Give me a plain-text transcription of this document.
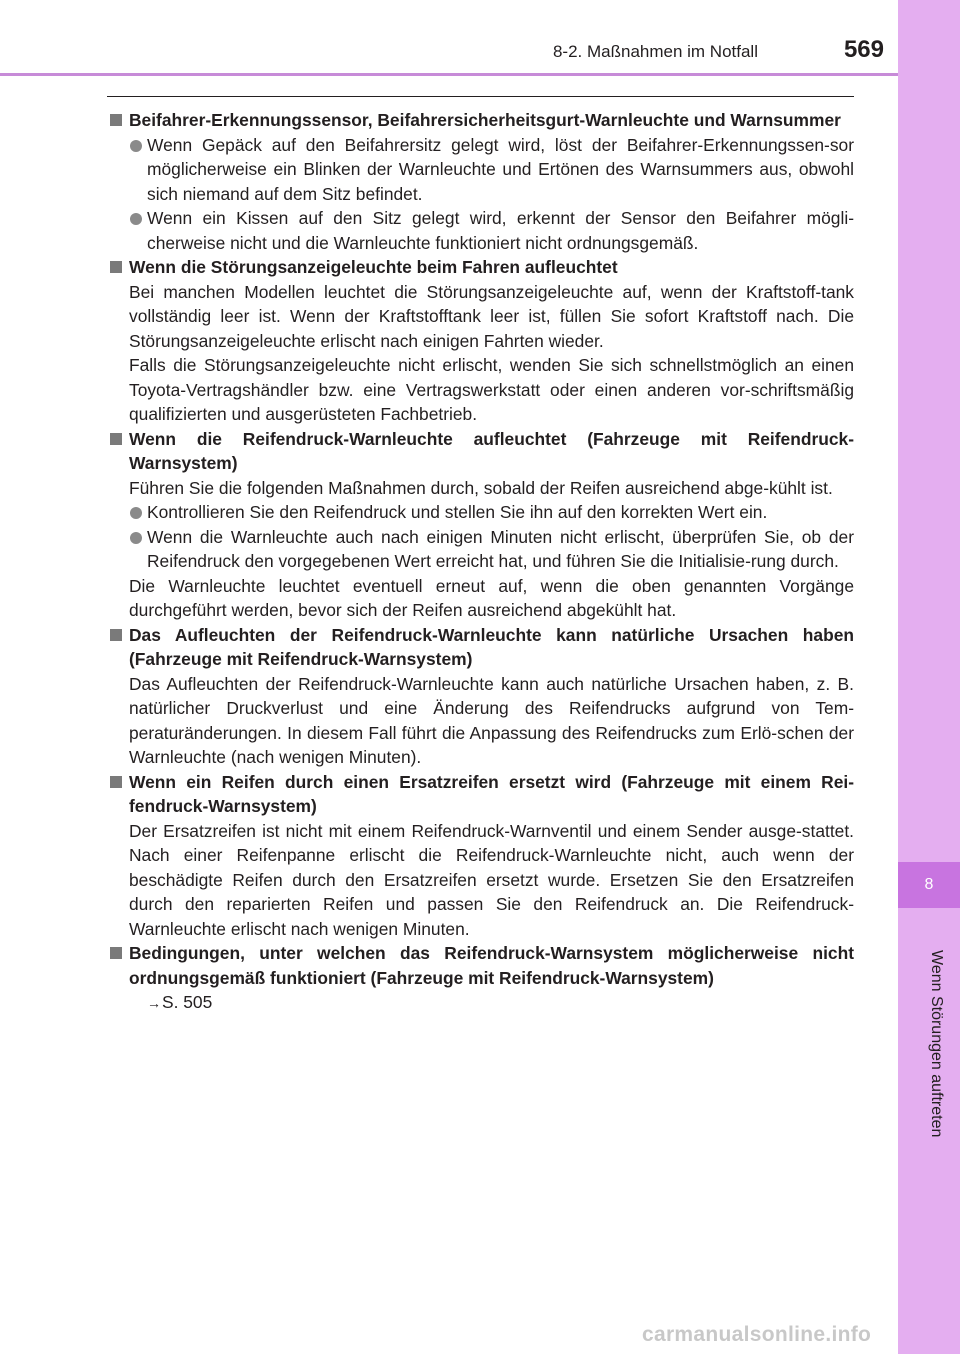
8
Wenn Störungen auftreten
8-2. Maßnahmen im Notfall	569

Beifahrer-Erkennungssensor, Beifahrersicherheitsgurt-Warnleuchte und Warnsummer

Wenn Gepäck auf den Beifahrersitz gelegt wird, löst der Beifahrer-Erkennungssen-sor möglicherweise ein Blinken der Warnleuchte und Ertönen des Warnsummers aus, obwohl sich niemand auf dem Sitz befindet.

Wenn ein Kissen auf den Sitz gelegt wird, erkennt der Sensor den Beifahrer mögli-cherweise nicht und die Warnleuchte funktioniert nicht ordnungsgemäß.

Wenn die Störungsanzeigeleuchte beim Fahren aufleuchtet

Bei manchen Modellen leuchtet die Störungsanzeigeleuchte auf, wenn der Kraftstoff-tank vollständig leer ist. Wenn der Kraftstofftank leer ist, füllen Sie sofort Kraftstoff nach. Die Störungsanzeigeleuchte erlischt nach einigen Fahrten wieder.

Falls die Störungsanzeigeleuchte nicht erlischt, wenden Sie sich schnellstmöglich an einen Toyota-Vertragshändler bzw. eine Vertragswerkstatt oder einen anderen vor-schriftsmäßig qualifizierten und ausgerüsteten Fachbetrieb.

Wenn die Reifendruck-Warnleuchte aufleuchtet (Fahrzeuge mit Reifendruck-Warnsystem)

Führen Sie die folgenden Maßnahmen durch, sobald der Reifen ausreichend abge-kühlt ist.

Kontrollieren Sie den Reifendruck und stellen Sie ihn auf den korrekten Wert ein.

Wenn die Warnleuchte auch nach einigen Minuten nicht erlischt, überprüfen Sie, ob der Reifendruck den vorgegebenen Wert erreicht hat, und führen Sie die Initialisie-rung durch.

Die Warnleuchte leuchtet eventuell erneut auf, wenn die oben genannten Vorgänge durchgeführt werden, bevor sich der Reifen ausreichend abgekühlt hat.

Das Aufleuchten der Reifendruck-Warnleuchte kann natürliche Ursachen haben (Fahrzeuge mit Reifendruck-Warnsystem)

Das Aufleuchten der Reifendruck-Warnleuchte kann auch natürliche Ursachen haben, z. B. natürlicher Druckverlust und eine Änderung des Reifendrucks aufgrund von Tem-peraturänderungen. In diesem Fall führt die Anpassung des Reifendrucks zum Erlö-schen der Warnleuchte (nach wenigen Minuten).

Wenn ein Reifen durch einen Ersatzreifen ersetzt wird (Fahrzeuge mit einem Rei-fendruck-Warnsystem)

Der Ersatzreifen ist nicht mit einem Reifendruck-Warnventil und einem Sender ausge-stattet. Nach einer Reifenpanne erlischt die Reifendruck-Warnleuchte nicht, auch wenn der beschädigte Reifen durch den Ersatzreifen ersetzt wurde. Ersetzen Sie den Ersatzreifen durch den reparierten Reifen und passen Sie den Reifendruck an. Die Reifendruck-Warnleuchte erlischt nach wenigen Minuten.

Bedingungen, unter welchen das Reifendruck-Warnsystem möglicherweise nicht ordnungsgemäß funktioniert (Fahrzeuge mit Reifendruck-Warnsystem)

→S. 505

carmanualsonline.info
